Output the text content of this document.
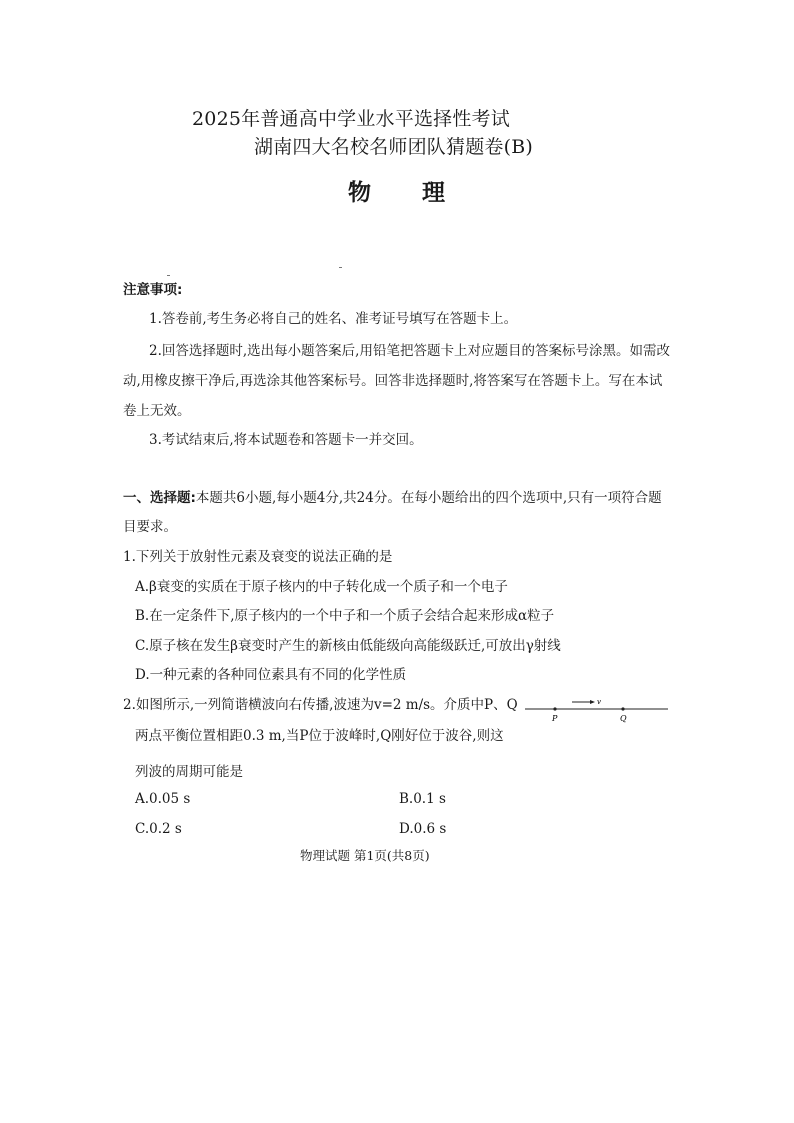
2025年普通高中学业水平选择性考试
湖南四大名校名师团队猜题卷(B)
物 理
注意事项:
1.答卷前,考生务必将自己的姓名、准考证号填写在答题卡上。
2.回答选择题时,选出每小题答案后,用铅笔把答题卡上对应题目的答案标号涂黑。如需改
动,用橡皮擦干净后,再选涂其他答案标号。回答非选择题时,将答案写在答题卡上。写在本试
卷上无效。
3.考试结束后,将本试题卷和答题卡一并交回。
一、选择题:本题共6小题,每小题4分,共24分。在每小题给出的四个选项中,只有一项符合题
目要求。
1.下列关于放射性元素及衰变的说法正确的是
A.β衰变的实质在于原子核内的中子转化成一个质子和一个电子
B.在一定条件下,原子核内的一个中子和一个质子会结合起来形成α粒子
C.原子核在发生β衰变时产生的新核由低能级向高能级跃迁,可放出γ射线
D.一种元素的各种同位素具有不同的化学性质
2.如图所示,一列简谐横波向右传播,波速为v=2 m/s。介质中P、Q
两点平衡位置相距0.3 m,当P位于波峰时,Q刚好位于波谷,则这
列波的周期可能是
v
P	Q
A.0.05 s	B.0.1 s
C.0.2 s	D.0.6 s
物理试题 第1页(共8页)
